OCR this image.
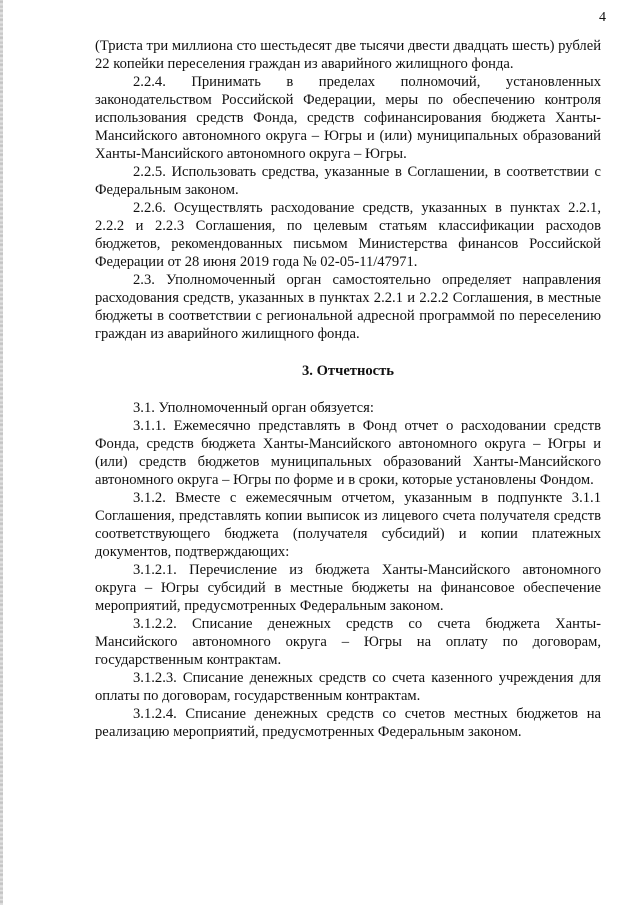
4

(Триста три миллиона сто шестьдесят две тысячи двести двадцать шесть) рублей 22 копейки переселения граждан из аварийного жилищного фонда.

2.2.4. Принимать в пределах полномочий, установленных законодательством Российской Федерации, меры по обеспечению контроля использования средств Фонда, средств софинансирования бюджета Ханты-Мансийского автономного округа – Югры и (или) муниципальных образований Ханты-Мансийского автономного округа – Югры.

2.2.5. Использовать средства, указанные в Соглашении, в соответствии с Федеральным законом.

2.2.6. Осуществлять расходование средств, указанных в пунктах 2.2.1, 2.2.2 и 2.2.3 Соглашения, по целевым статьям классификации расходов бюджетов, рекомендованных письмом Министерства финансов Российской Федерации от 28 июня 2019 года № 02-05-11/47971.

2.3. Уполномоченный орган самостоятельно определяет направления расходования средств, указанных в пунктах 2.2.1 и 2.2.2 Соглашения, в местные бюджеты в соответствии с региональной адресной программой по переселению граждан из аварийного жилищного фонда.

3. Отчетность

3.1. Уполномоченный орган обязуется:

3.1.1. Ежемесячно представлять в Фонд отчет о расходовании средств Фонда, средств бюджета Ханты-Мансийского автономного округа – Югры и (или) средств бюджетов муниципальных образований Ханты-Мансийского автономного округа – Югры по форме и в сроки, которые установлены Фондом.

3.1.2. Вместе с ежемесячным отчетом, указанным в подпункте 3.1.1 Соглашения, представлять копии выписок из лицевого счета получателя средств соответствующего бюджета (получателя субсидий) и копии платежных документов, подтверждающих:

3.1.2.1. Перечисление из бюджета Ханты-Мансийского автономного округа – Югры субсидий в местные бюджеты на финансовое обеспечение мероприятий, предусмотренных Федеральным законом.

3.1.2.2. Списание денежных средств со счета бюджета Ханты-Мансийского автономного округа – Югры на оплату по договорам, государственным контрактам.

3.1.2.3. Списание денежных средств со счета казенного учреждения для оплаты по договорам, государственным контрактам.

3.1.2.4. Списание денежных средств со счетов местных бюджетов на реализацию мероприятий, предусмотренных Федеральным законом.
